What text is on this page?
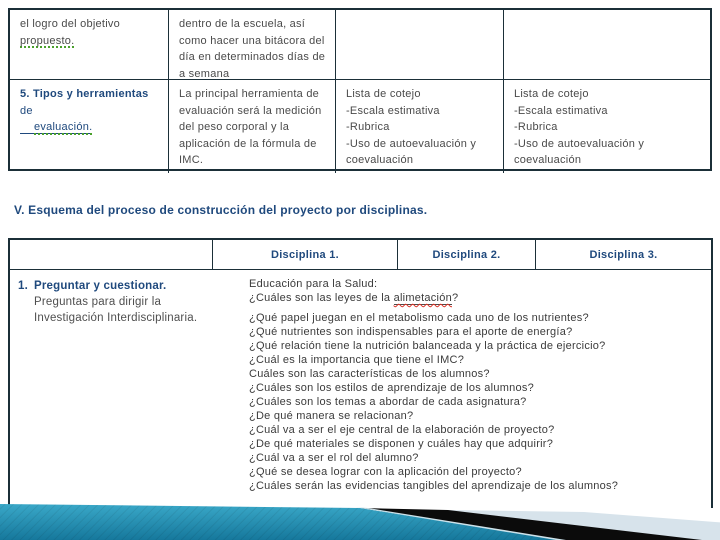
el logro del objetivo propuesto.
dentro de la escuela, así como hacer una bitácora del día en determinados días de a semana
5. Tipos y herramientas de
evaluación.
La principal herramienta de evaluación será la medición del peso corporal y la aplicación de la fórmula de IMC.
Lista de cotejo
-Escala estimativa
-Rubrica
-Uso de autoevaluación y coevaluación
Lista de cotejo
-Escala estimativa
-Rubrica
-Uso de autoevaluación y coevaluación
V. Esquema del proceso de construcción del proyecto por disciplinas.
Disciplina 1.	Disciplina 2.	Disciplina 3.
1. Preguntar y cuestionar.
Preguntas para dirigir la Investigación Interdisciplinaria.
Educación para la Salud:
¿Cuáles son las leyes de la alimetación?
¿Qué papel juegan en el metabolismo cada uno de los nutrientes?
¿Qué nutrientes son indispensables para el aporte de energía?
¿Qué relación tiene la nutrición balanceada y la práctica de ejercicio?
¿Cuál es la importancia que tiene el IMC?
Cuáles son las características de los alumnos?
¿Cuáles son los estilos de aprendizaje de los alumnos?
¿Cuáles son los temas a abordar de cada asignatura?
¿De qué manera se relacionan?
¿Cuál va a ser el eje central de la elaboración de proyecto?
¿De qué materiales se disponen y cuáles hay que adquirir?
¿Cuál va a ser el rol del alumno?
¿Qué se desea lograr con la aplicación del proyecto?
¿Cuáles serán las evidencias tangibles del aprendizaje de los alumnos?
